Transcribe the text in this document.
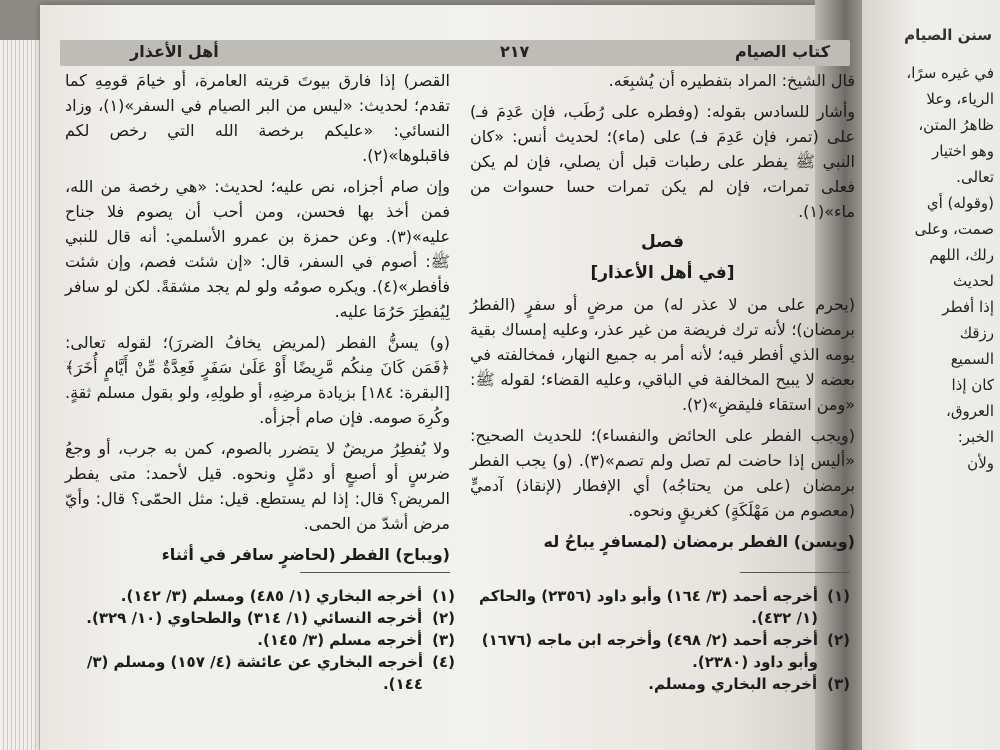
سنن الصيام
في غيره سرًا،
الرياء، وعلا
ظاهرُ المتن،
وهو اختيار
تعالى.
(وقوله) أي
صمت، وعلى
رلك، اللهم
لحديث
إذا أفطر
رزقك
السميع
كان إذا
العروق،
الخبر:
ولأن
أهل الأعذار	٢١٧	كتاب الصيام

قال الشيخ: المراد بتفطيره أن يُشبِعَه.

وأشار للسادس بقوله: (وفطره على رُطَب، فإن عَدِمَ فـ) على (تمر، فإن عَدِمَ فـ) على (ماء)؛ لحديث أنس: «كان النبي ﷺ يفطر على رطبات قبل أن يصلي، فإن لم يكن فعلى تمرات، فإن لم يكن تمرات حسا حسوات من ماء»(١).

فصل

[في أهل الأعذار]

(يحرم على من لا عذر له) من مرضٍ أو سفرٍ (الفطرُ برمضان)؛ لأنه ترك فريضة من غير عذر، وعليه إمساك بقية يومه الذي أفطر فيه؛ لأنه أمر به جميع النهار، فمخالفته في بعضه لا يبيح المخالفة في الباقي، وعليه القضاء؛ لقوله ﷺ: «ومن استقاء فليقضِ»(٢).

(ويجب الفطر على الحائض والنفساء)؛ للحديث الصحيح: «أليس إذا حاضت لم تصل ولم تصم»(٣). (و) يجب الفطر برمضان (على من يحتاجُه) أي الإفطار (لإنقاذ) آدميٍّ (معصوم من مَهْلَكَةٍ) كغريقٍ ونحوه.

(ويسن) الفطر برمضان (لمسافرٍ يباحُ له

القصر) إذا فارق بيوتَ قريته العامرة، أو خيامَ قومِهِ كما تقدم؛ لحديث: «ليس من البر الصيام في السفر»(١)، وزاد النسائي: «عليكم برخصة الله التي رخص لكم فاقبلوها»(٢).

وإن صام أجزاه، نص عليه؛ لحديث: «هي رخصة من الله، فمن أخذ بها فحسن، ومن أحب أن يصوم فلا جناح عليه»(٣). وعن حمزة بن عمرو الأسلمي: أنه قال للنبي ﷺ: أصوم في السفر، قال: «إن شئت فصم، وإن شئت فأفطر»(٤). ويكره صومُه ولو لم يجد مشقةً. لكن لو سافر لِيُفطِرَ حَرُمَا عليه.

(و) يسنُّ الفطر (لمريض يخافُ الضررَ)؛ لقوله تعالى: ﴿فَمَن كَانَ مِنكُم مَّرِيضًا أَوْ عَلَىٰ سَفَرٍ فَعِدَّةٌ مِّنْ أَيَّامٍ أُخَرَ﴾ [البقرة: ١٨٤] بزيادة مرضِهِ، أو طولِهِ، ولو بقول مسلم ثقةٍ. وكُرِهَ صومه. فإن صام أجزأه.

ولا يُفطِرُ مريضٌ لا يتضرر بالصوم، كمن به جرب، أو وجعُ ضرسٍ أو أصبعٍ أو دمّلٍ ونحوه. قيل لأحمد: متى يفطر المريض؟ قال: إذا لم يستطع. قيل: مثل الحمّى؟ قال: وأيّ مرض أشدّ من الحمى.

(ويباح) الفطر (لحاضرٍ سافر في أثناء

(١)
أخرجه أحمد (٣/ ١٦٤) وأبو داود (٢٣٥٦) والحاكم (١/ ٤٣٢).
(٢)
أخرجه أحمد (٢/ ٤٩٨) وأخرجه ابن ماجه (١٦٧٦) وأبو داود (٢٣٨٠).
(٣)
أخرجه البخاري ومسلم.
(١)
أخرجه البخاري (١/ ٤٨٥) ومسلم (٣/ ١٤٢).
(٢)
أخرجه النسائي (١/ ٣١٤) والطحاوي (١٠/ ٣٢٩).
(٣)
أخرجه مسلم (٣/ ١٤٥).
(٤)
أخرجه البخاري عن عائشة (٤/ ١٥٧) ومسلم (٣/ ١٤٤).
